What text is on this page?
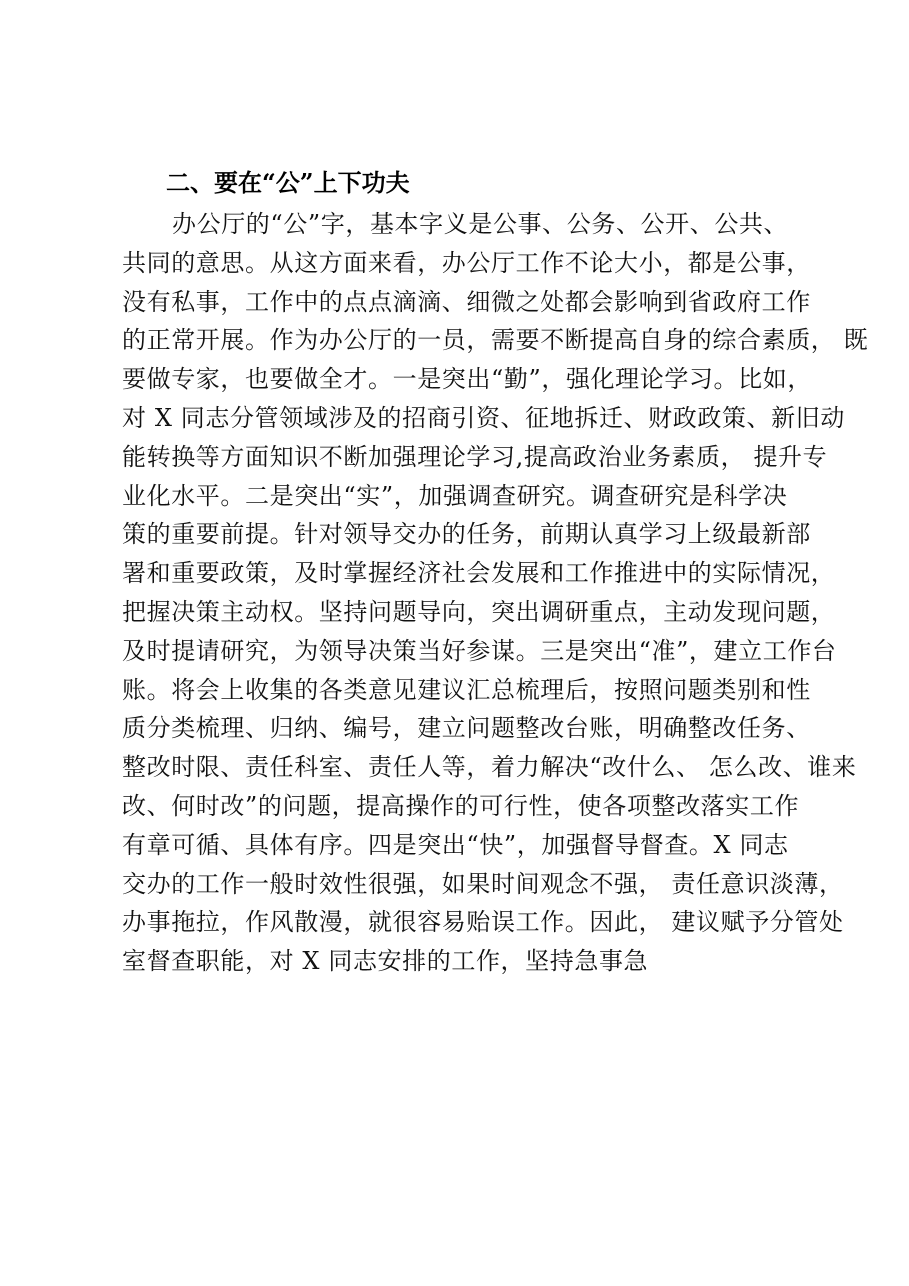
二、要在“公”上下功夫
办公厅的“公”字，基本字义是公事、公务、公开、公共、
共同的意思。从这方面来看，办公厅工作不论大小，都是公事，
没有私事，工作中的点点滴滴、细微之处都会影响到省政府工作
的正常开展。作为办公厅的一员，需要不断提高自身的综合素质， 既
要做专家，也要做全才。一是突出“勤”，强化理论学习。比如，
对 X 同志分管领域涉及的招商引资、征地拆迁、财政政策、新旧动
能转换等方面知识不断加强理论学习,提高政治业务素质， 提升专
业化水平。二是突出“实”，加强调查研究。调查研究是科学决
策的重要前提。针对领导交办的任务，前期认真学习上级最新部
署和重要政策，及时掌握经济社会发展和工作推进中的实际情况，
把握决策主动权。坚持问题导向，突出调研重点，主动发现问题，
及时提请研究，为领导决策当好参谋。三是突出“准”，建立工作台
账。将会上收集的各类意见建议汇总梳理后，按照问题类别和性
质分类梳理、归纳、编号，建立问题整改台账，明确整改任务、
整改时限、责任科室、责任人等，着力解决“改什么、 怎么改、谁来
改、何时改”的问题，提高操作的可行性，使各项整改落实工作
有章可循、具体有序。四是突出“快”，加强督导督查。X 同志
交办的工作一般时效性很强，如果时间观念不强， 责任意识淡薄，
办事拖拉，作风散漫，就很容易贻误工作。因此， 建议赋予分管处
室督查职能，对 X 同志安排的工作，坚持急事急
